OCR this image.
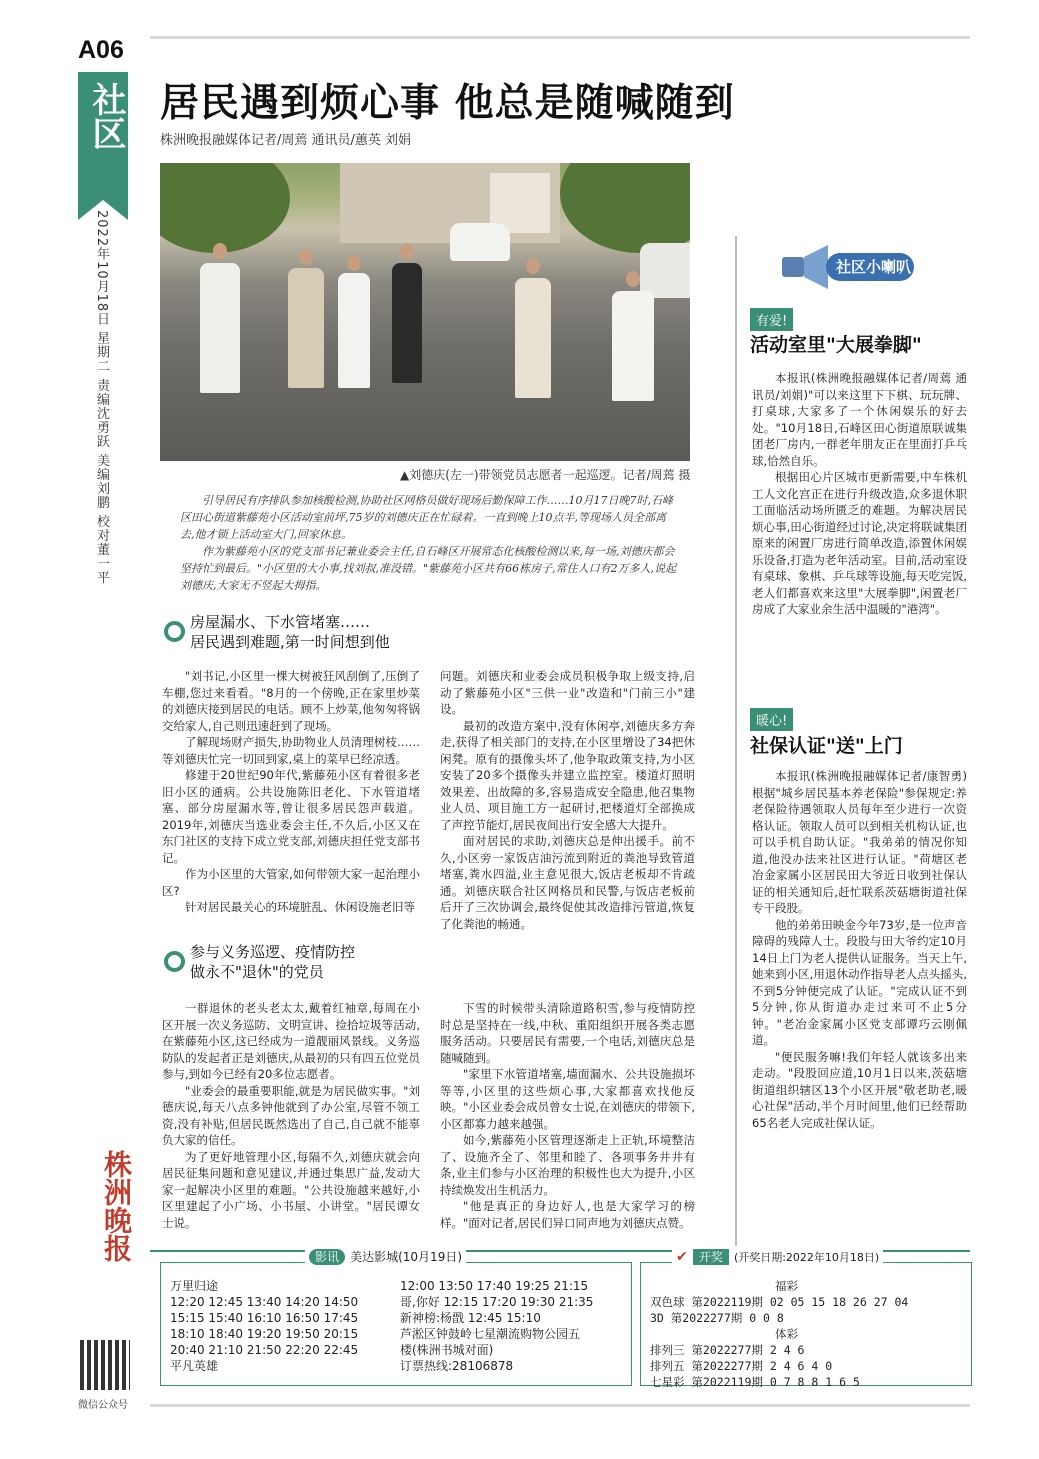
A06
社区
2022年10月18日 星期二 责编沈勇跃 美编刘鹏 校对董一平
居民遇到烦心事 他总是随喊随到
株洲晚报融媒体记者/周蔫 通讯员/蕙英 刘娟
▲刘德庆(左一)带领党员志愿者一起巡逻。记者/周蔫 摄

引导居民有序排队参加核酸检测,协助社区网格员做好现场后勤保障工作……10月17日晚7时,石峰区田心街道紫藤苑小区活动室前坪,75岁的刘德庆正在忙碌着。一直到晚上10点半,等现场人员全部离去,他才锁上活动室大门,回家休息。

作为紫藤苑小区的党支部书记兼业委会主任,自石峰区开展常态化核酸检测以来,每一场,刘德庆都会坚持忙到最后。"小区里的大小事,找刘叔,准没错。"紫藤苑小区共有66栋房子,常住人口有2万多人,说起刘德庆,大家无不竖起大拇指。

房屋漏水、下水管堵塞……
居民遇到难题,第一时间想到他

"刘书记,小区里一棵大树被狂风刮倒了,压倒了车棚,您过来看看。"8月的一个傍晚,正在家里炒菜的刘德庆接到居民的电话。顾不上炒菜,他匆匆将锅交给家人,自己则迅速赶到了现场。

了解现场财产损失,协助物业人员清理树枝……等刘德庆忙完一切回到家,桌上的菜早已经凉透。

修建于20世纪90年代,紫藤苑小区有着很多老旧小区的通病。公共设施陈旧老化、下水管道堵塞、部分房屋漏水等,曾让很多居民怨声载道。2019年,刘德庆当选业委会主任,不久后,小区又在东门社区的支持下成立党支部,刘德庆担任党支部书记。

作为小区里的大管家,如何带领大家一起治理小区?

针对居民最关心的环境脏乱、休闲设施老旧等

问题。刘德庆和业委会成员积极争取上级支持,启动了紫藤苑小区"三供一业"改造和"门前三小"建设。

最初的改造方案中,没有休闲亭,刘德庆多方奔走,获得了相关部门的支持,在小区里增设了34把休闲凳。原有的摄像头坏了,他争取政策支持,为小区安装了20多个摄像头并建立监控室。楼道灯照明效果差、出故障的多,容易造成安全隐患,他召集物业人员、项目施工方一起研讨,把楼道灯全部换成了声控节能灯,居民夜间出行安全感大大提升。

面对居民的求助,刘德庆总是伸出援手。前不久,小区旁一家饭店油污流到附近的粪池导致管道堵塞,粪水四溢,业主意见很大,饭店老板却不肯疏通。刘德庆联合社区网格员和民警,与饭店老板前后开了三次协调会,最终促使其改造排污管道,恢复了化粪池的畅通。

参与义务巡逻、疫情防控
做永不"退休"的党员

一群退休的老头老太太,戴着红袖章,每周在小区开展一次义务巡防、文明宣讲、捡拾垃圾等活动,在紫藤苑小区,这已经成为一道靓丽风景线。义务巡防队的发起者正是刘德庆,从最初的只有四五位党员参与,到如今已经有20多位志愿者。

"业委会的最重要职能,就是为居民做实事。"刘德庆说,每天八点多钟他就到了办公室,尽管不领工资,没有补贴,但居民既然选出了自己,自己就不能辜负大家的信任。

为了更好地管理小区,每隔不久,刘德庆就会向居民征集问题和意见建议,并通过集思广益,发动大家一起解决小区里的难题。"公共设施越来越好,小区里建起了小广场、小书屋、小讲堂。"居民谭女士说。

下雪的时候带头清除道路积雪,参与疫情防控时总是坚持在一线,中秋、重阳组织开展各类志愿服务活动。只要居民有需要,一个电话,刘德庆总是随喊随到。

"家里下水管道堵塞,墙面漏水、公共设施损坏等等,小区里的这些烦心事,大家都喜欢找他反映。"小区业委会成员曾女士说,在刘德庆的带领下,小区都寡力越来越强。

如今,紫藤苑小区管理逐渐走上正轨,环境整洁了、设施齐全了、邻里和睦了、各项事务井井有条,业主们参与小区治理的积极性也大为提升,小区持续焕发出生机活力。

"他是真正的身边好人,也是大家学习的榜样。"面对记者,居民们异口同声地为刘德庆点赞。

社区小喇叭
有爱!
活动室里"大展拳脚"

本报讯(株洲晚报融媒体记者/周蔫 通讯员/刘娟)"可以来这里下下棋、玩玩牌、打桌球,大家多了一个休闲娱乐的好去处。"10月18日,石峰区田心街道原联诚集团老厂房内,一群老年朋友正在里面打乒乓球,恰然自乐。

根据田心片区城市更新需要,中车株机工人文化宫正在进行升级改造,众多退休职工面临活动场所匮乏的难题。为解决居民烦心事,田心街道经过讨论,决定将联诚集团原来的闲置厂房进行简单改造,添置休闲娱乐设备,打造为老年活动室。目前,活动室设有桌球、象棋、乒乓球等设施,每天吃完饭,老人们都喜欢来这里"大展拳脚",闲置老厂房成了大家业余生活中温暖的"港湾"。

暖心!
社保认证"送"上门

本报讯(株洲晚报融媒体记者/康智勇)根据"城乡居民基本养老保险"参保规定:养老保险待遇领取人员每年至少进行一次资格认证。领取人员可以到相关机构认证,也可以手机自助认证。"我弟弟的情况你知道,他没办法来社区进行认证。"荷塘区老冶金家属小区居民田大爷近日收到社保认证的相关通知后,赶忙联系茨菇塘街道社保专干段股。

他的弟弟田映金今年73岁,是一位声音障碍的残障人士。段股与田大爷约定10月14日上门为老人提供认证服务。当天上午,她来到小区,用退休动作指导老人点头摇头,不到5分钟便完成了认证。"完成认证不到5分钟,你从街道办走过来可不止5分钟。"老冶金家属小区党支部谭巧云刚佩道。

"便民服务嘛!我们年轻人就该多出来走动。"段股回应道,10月1日以来,茨菇塘街道组织辖区13个小区开展"敬老助老,暖心社保"活动,半个月时间里,他们已经帮助65名老人完成社保认证。

影讯 美达影城(10月19日)
万里归途
12:20 12:45 13:40 14:20 14:50
15:15 15:40 16:10 16:50 17:45
18:10 18:40 19:20 19:50 20:15
20:40 21:10 21:50 22:20 22:45
平凡英雄
12:00 13:50 17:40 19:25 21:15
哥,你好 12:15 17:20 19:30 21:35
新神榜:杨戬 12:45 15:10
芦淞区钟鼓岭七星潮流购物公园五
楼(株洲书城对面)
订票热线:28106878
✔ 开奖 (开奖日期:2022年10月18日)
福彩
双色球 第2022119期 02 05 15 18 26 27 04
3D 第2022277期 0 0 8
体彩
排列三 第2022277期 2 4 6
排列五 第2022277期 2 4 6 4 0
七星彩 第2022119期 0 7 8 8 1 6 5
株洲晚报
微信公众号
